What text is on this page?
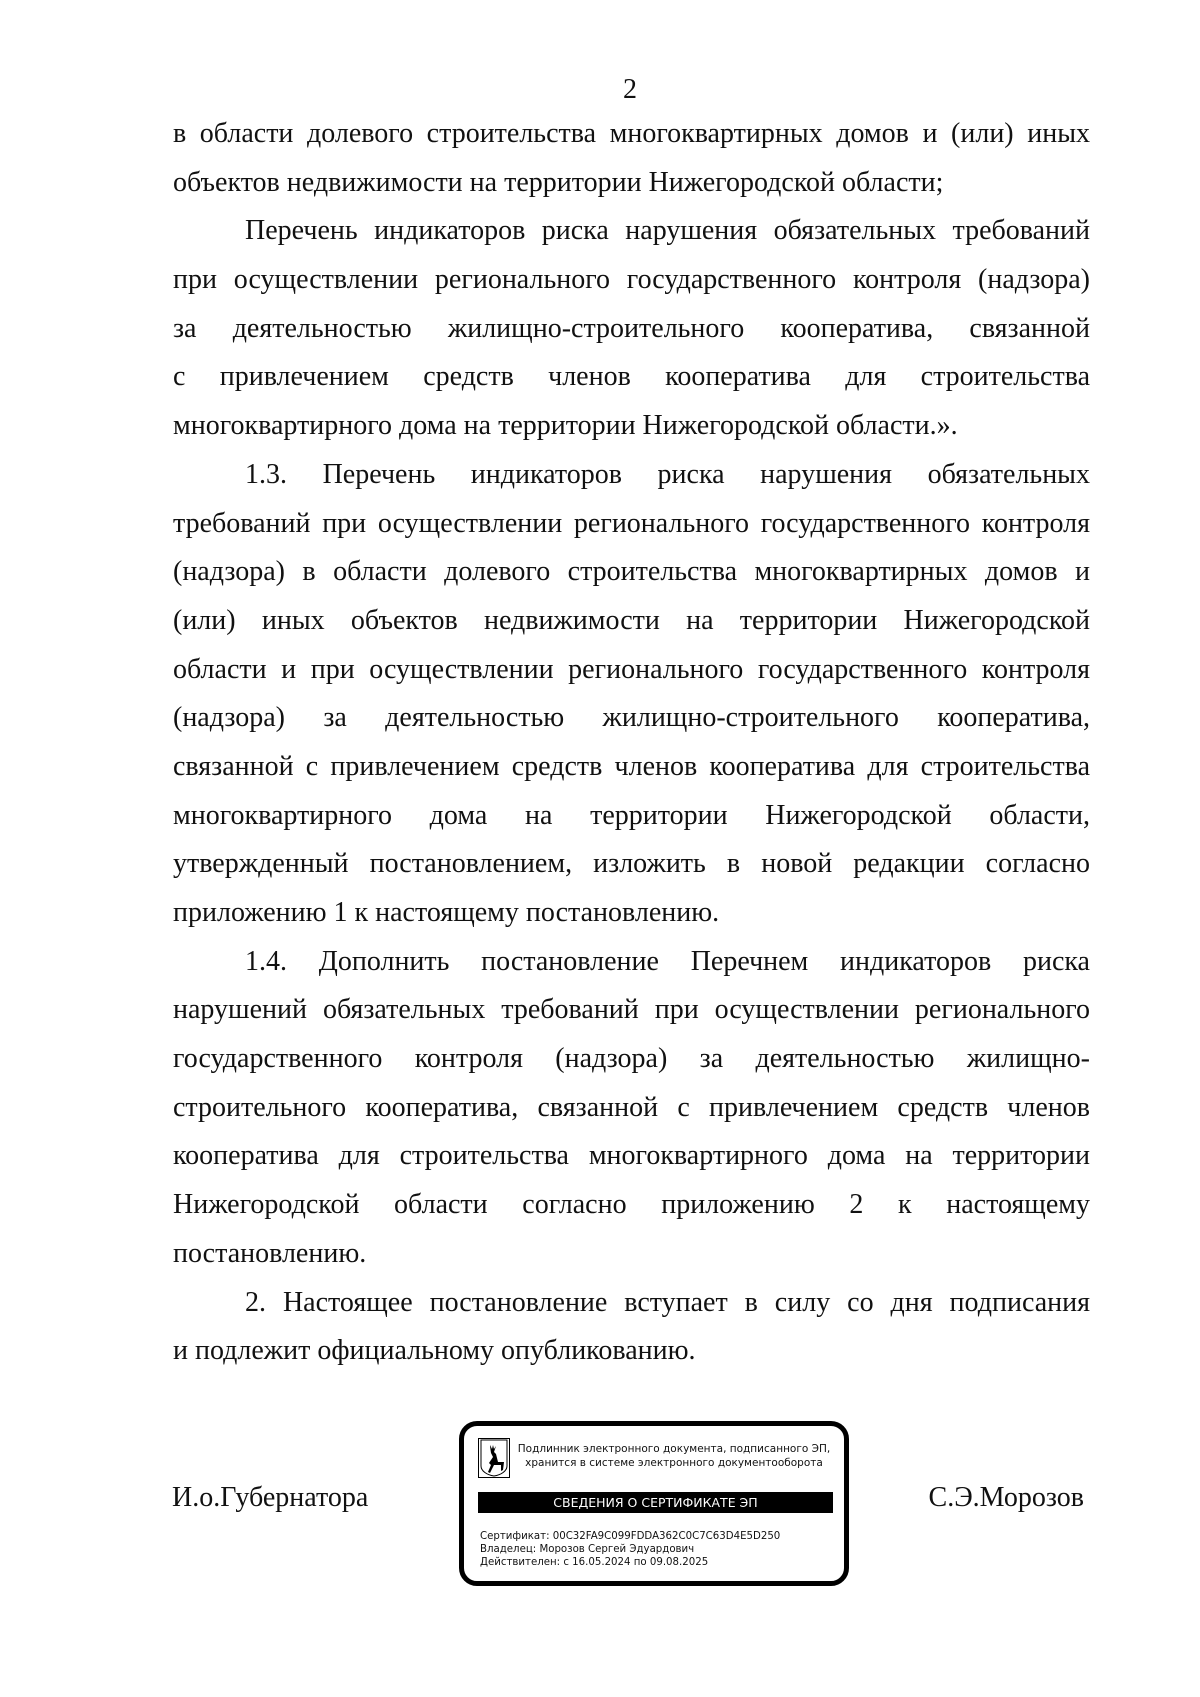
2
в области долевого строительства многоквартирных домов и (или) иных
объектов недвижимости на территории Нижегородской области;
Перечень индикаторов риска нарушения обязательных требований
при осуществлении регионального государственного контроля (надзора)
за деятельностью жилищно-строительного кооператива, связанной
с привлечением средств членов кооператива для строительства
многоквартирного дома на территории Нижегородской области.».
1.3. Перечень индикаторов риска нарушения обязательных
требований при осуществлении регионального государственного контроля
(надзора) в области долевого строительства многоквартирных домов и
(или) иных объектов недвижимости на территории Нижегородской
области и при осуществлении регионального государственного контроля
(надзора) за деятельностью жилищно-строительного кооператива,
связанной с привлечением средств членов кооператива для строительства
многоквартирного дома на территории Нижегородской области,
утвержденный постановлением, изложить в новой редакции согласно
приложению 1 к настоящему постановлению.
1.4. Дополнить постановление Перечнем индикаторов риска
нарушений обязательных требований при осуществлении регионального
государственного контроля (надзора) за деятельностью жилищно-
строительного кооператива, связанной с привлечением средств членов
кооператива для строительства многоквартирного дома на территории
Нижегородской области согласно приложению 2 к настоящему
постановлению.
2. Настоящее постановление вступает в силу со дня подписания
и подлежит официальному опубликованию.
И.о.Губернатора	С.Э.Морозов
Подлинник электронного документа, подписанного ЭП,
хранится в системе электронного документооборота
СВЕДЕНИЯ О СЕРТИФИКАТЕ ЭП
Сертификат: 00C32FA9C099FDDA362C0C7C63D4E5D250
Владелец: Морозов Сергей Эдуардович
Действителен: с 16.05.2024 по 09.08.2025
